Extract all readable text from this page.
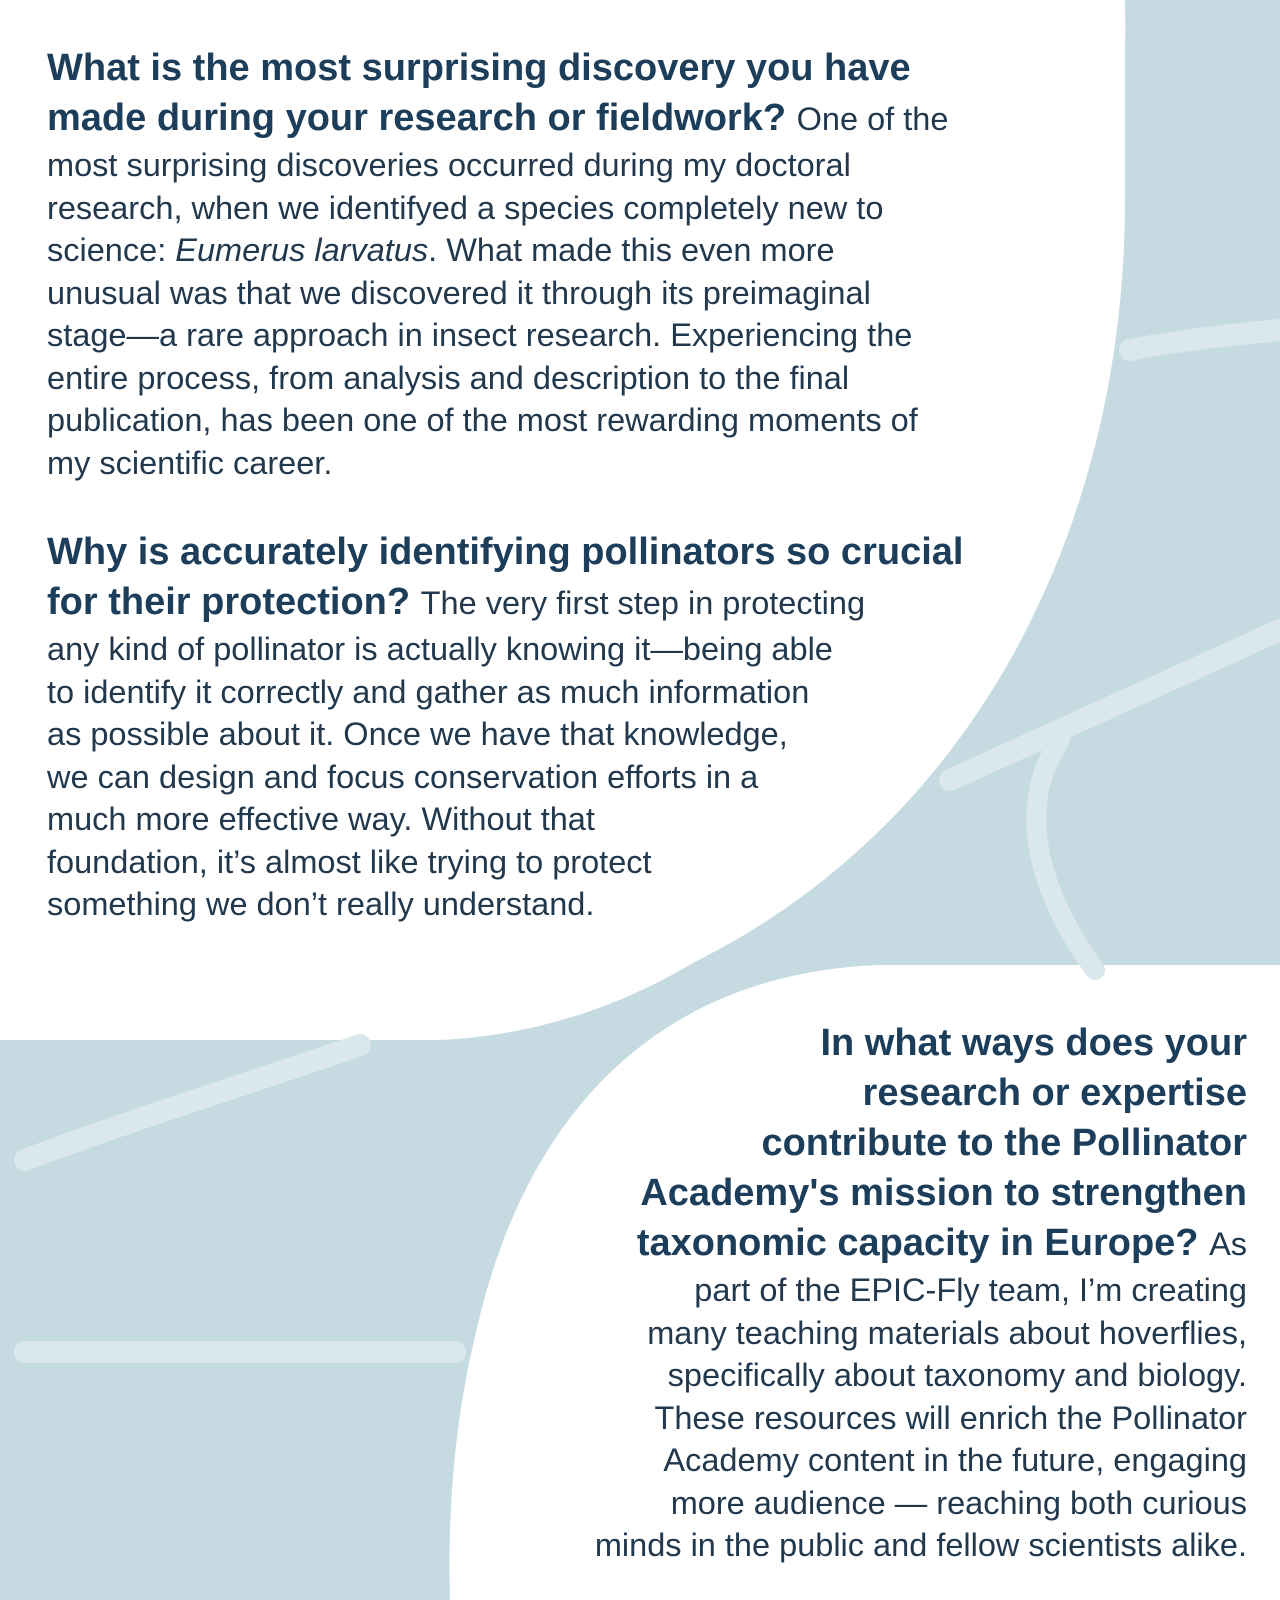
What is the most surprising discovery you have
made during your research or fieldwork? One of the
most surprising discoveries occurred during my doctoral
research, when we identifyed a species completely new to
science: Eumerus larvatus. What made this even more
unusual was that we discovered it through its preimaginal
stage—a rare approach in insect research. Experiencing the
entire process, from analysis and description to the final
publication, has been one of the most rewarding moments of
my scientific career.
Why is accurately identifying pollinators so crucial
for their protection? The very first step in protecting
any kind of pollinator is actually knowing it—being able
to identify it correctly and gather as much information
as possible about it. Once we have that knowledge,
we can design and focus conservation efforts in a
much more effective way. Without that
foundation, it’s almost like trying to protect
something we don’t really understand.
In what ways does your
research or expertise
contribute to the Pollinator
Academy's mission to strengthen
taxonomic capacity in Europe? As
part of the EPIC-Fly team, I’m creating
many teaching materials about hoverflies,
specifically about taxonomy and biology.
These resources will enrich the Pollinator
Academy content in the future, engaging
more audience — reaching both curious
minds in the public and fellow scientists alike.
